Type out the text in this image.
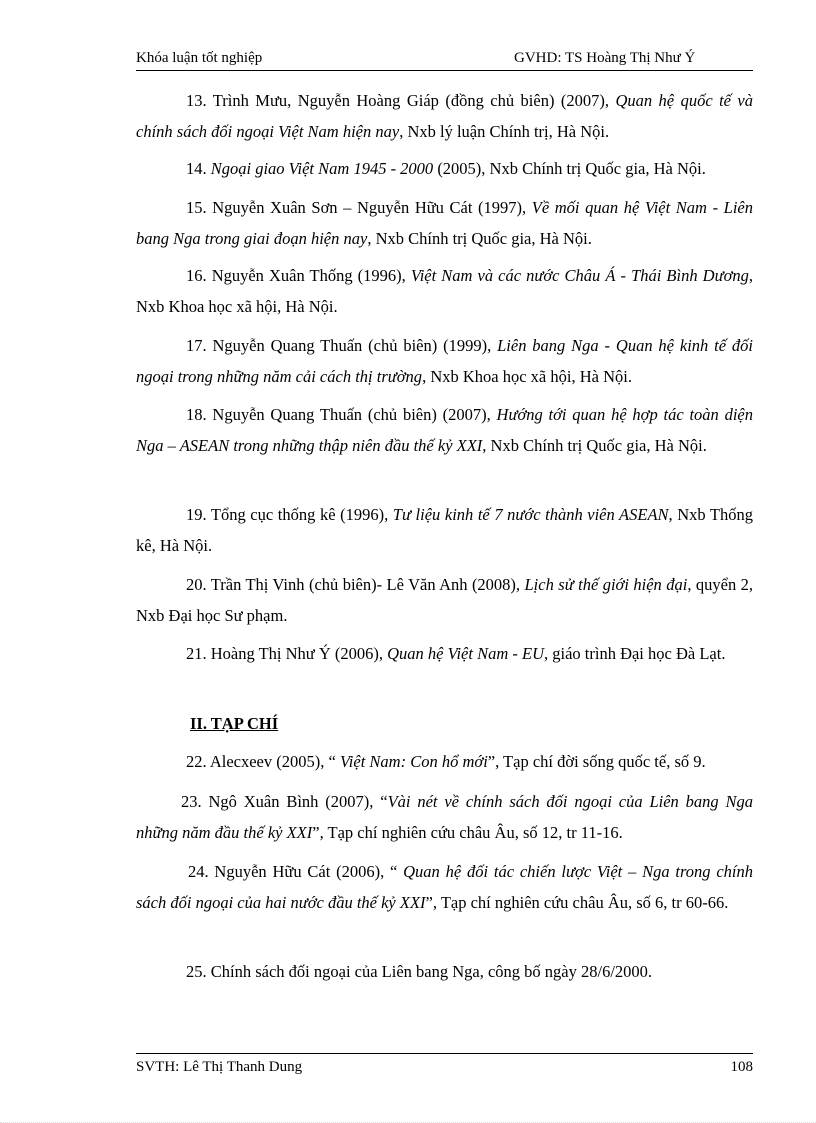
Khóa luận tốt nghiệp	GVHD: TS Hoàng Thị Như Ý

13. Trình Mưu, Nguyễn Hoàng Giáp (đồng chủ biên) (2007), Quan hệ quốc tế và chính sách đối ngoại Việt Nam hiện nay, Nxb lý luận Chính trị, Hà Nội.

14. Ngoại giao Việt Nam 1945 - 2000 (2005), Nxb Chính trị Quốc gia, Hà Nội.

15. Nguyễn Xuân Sơn – Nguyễn Hữu Cát (1997), Về mối quan hệ Việt Nam - Liên bang Nga trong giai đoạn hiện nay, Nxb Chính trị Quốc gia, Hà Nội.

16. Nguyễn Xuân Thống (1996), Việt Nam và các nước Châu Á - Thái Bình Dương, Nxb Khoa học xã hội, Hà Nội.

17. Nguyễn Quang Thuấn (chủ biên) (1999), Liên bang Nga - Quan hệ kinh tế đối ngoại trong những năm cải cách thị trường, Nxb Khoa học xã hội, Hà Nội.

18. Nguyễn Quang Thuấn (chủ biên) (2007), Hướng tới quan hệ hợp tác toàn diện Nga – ASEAN trong những thập niên đầu thế kỷ XXI, Nxb Chính trị Quốc gia, Hà Nội.

19. Tổng cục thống kê (1996), Tư liệu kinh tế 7 nước thành viên ASEAN, Nxb Thống kê, Hà Nội.

20. Trần Thị Vinh (chủ biên)- Lê Văn Anh (2008), Lịch sử thế giới hiện đại, quyển 2, Nxb Đại học Sư phạm.

21. Hoàng Thị Như Ý (2006), Quan hệ Việt Nam - EU, giáo trình Đại học Đà Lạt.

II. TẠP CHÍ

22. Alecxeev (2005), “ Việt Nam: Con hổ mới”, Tạp chí đời sống quốc tế, số 9.

23. Ngô Xuân Bình (2007), “Vài nét về chính sách đối ngoại của Liên bang Nga những năm đầu thế kỷ XXI”, Tạp chí nghiên cứu châu Âu, số 12, tr 11-16.

24. Nguyễn Hữu Cát (2006), “ Quan hệ đối tác chiến lược Việt – Nga trong chính sách đối ngoại của hai nước đầu thế kỷ XXI”, Tạp chí nghiên cứu châu Âu, số 6, tr 60-66.

25. Chính sách đối ngoại của Liên bang Nga, công bố ngày 28/6/2000.

SVTH: Lê Thị Thanh Dung	108
